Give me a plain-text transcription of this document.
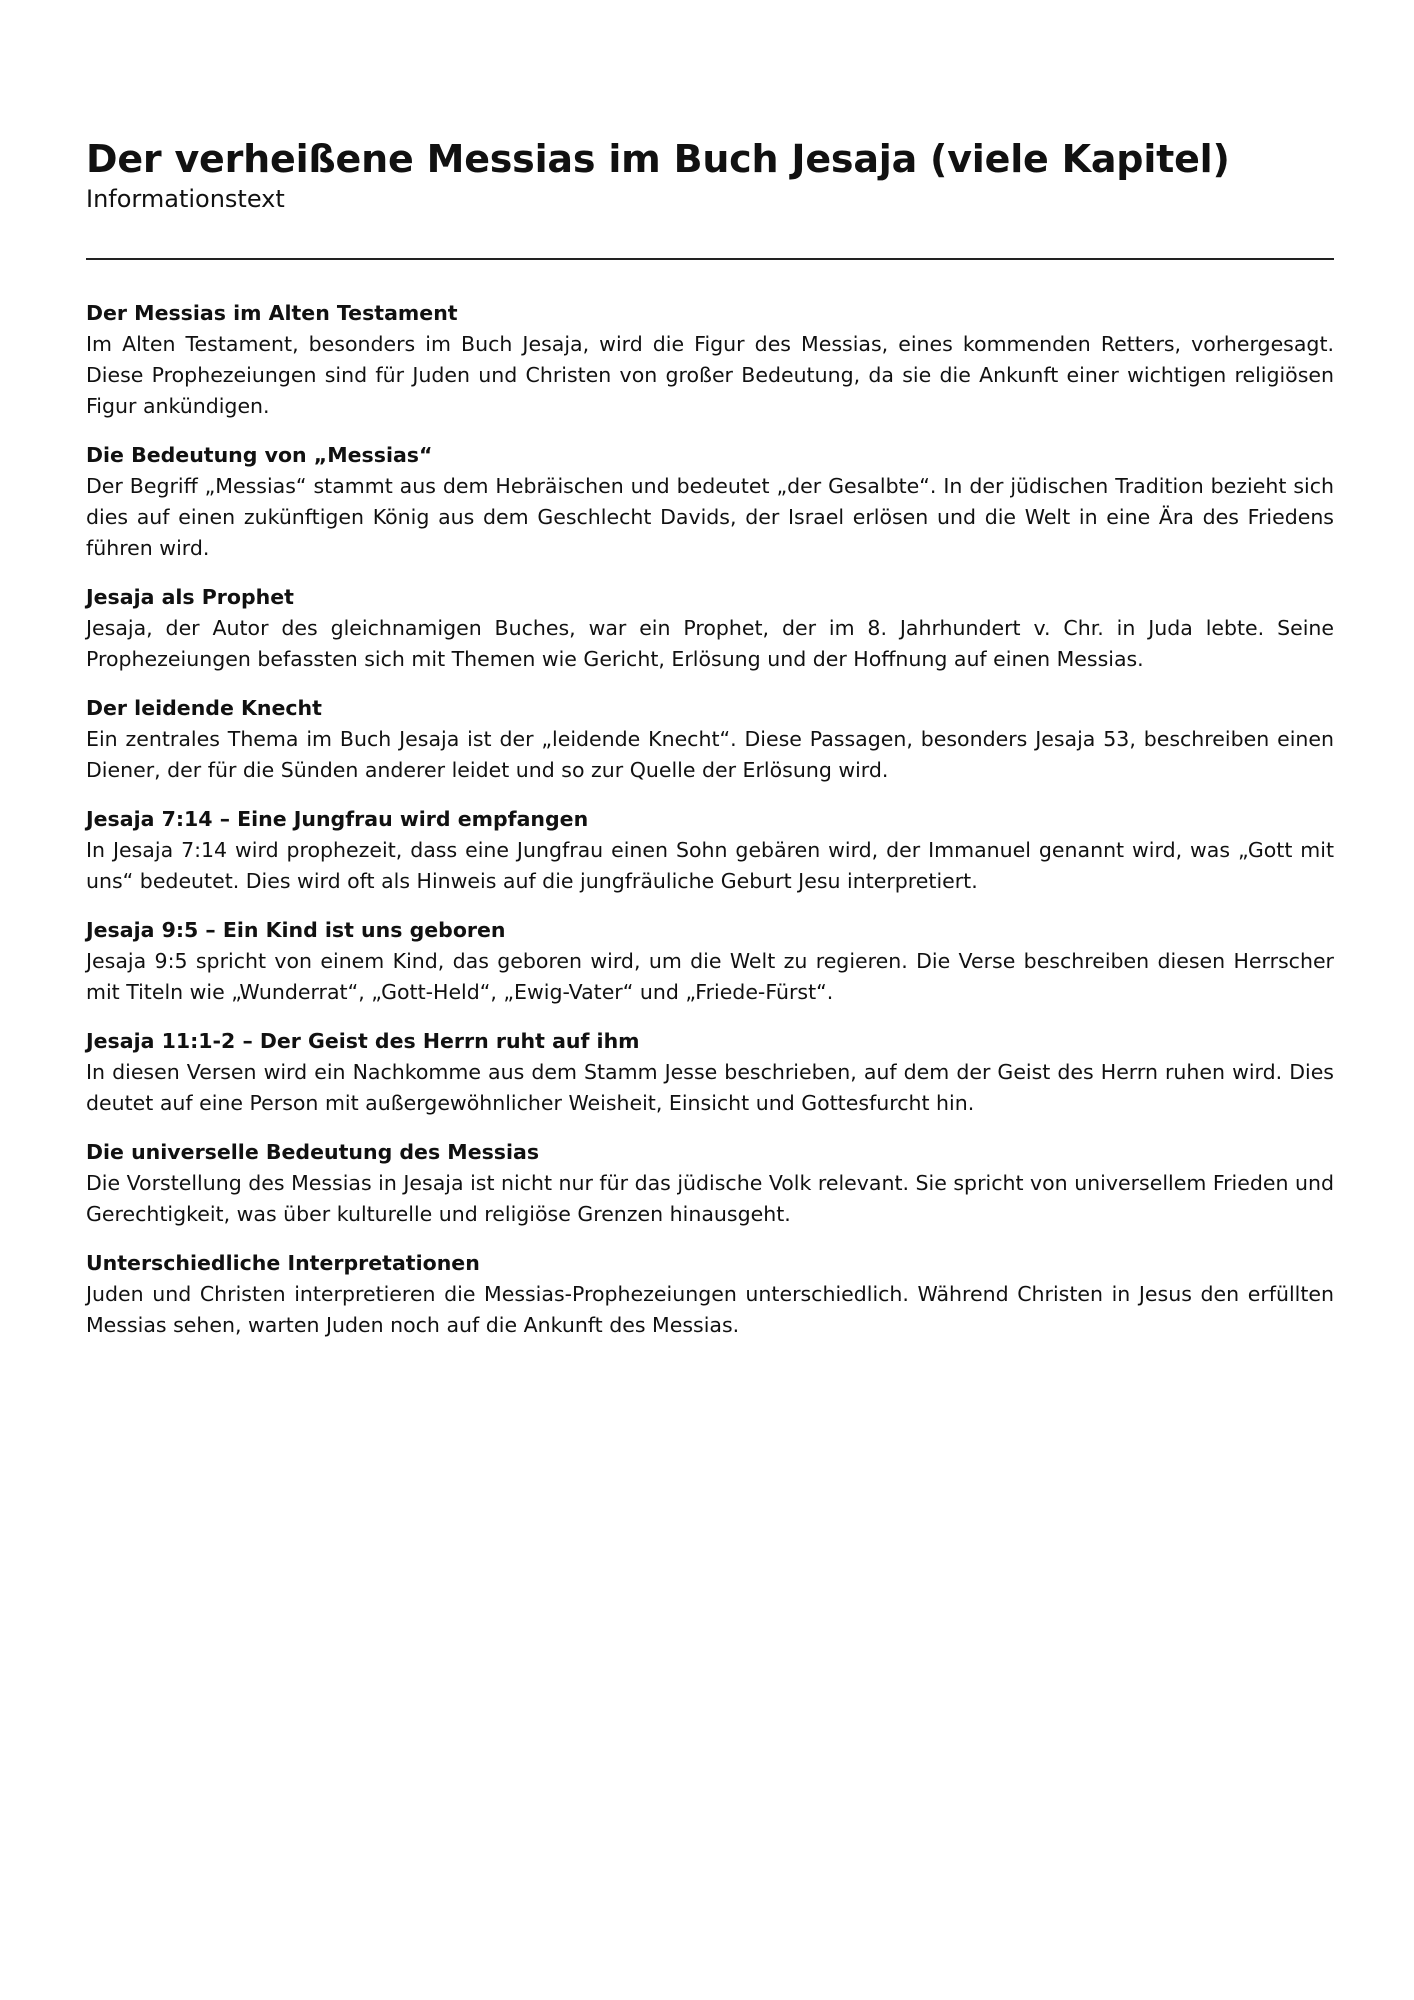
Der verheißene Messias im Buch Jesaja (viele Kapitel)
Informationstext

Der Messias im Alten Testament

Im Alten Testament, besonders im Buch Jesaja, wird die Figur des Messias, eines kommenden Retters, vorhergesagt. Diese Prophezeiungen sind für Juden und Christen von großer Bedeutung, da sie die Ankunft einer wichtigen religiösen Figur ankündigen.

Die Bedeutung von „Messias“

Der Begriff „Messias“ stammt aus dem Hebräischen und bedeutet „der Gesalbte“. In der jüdischen Tradition bezieht sich dies auf einen zukünftigen König aus dem Geschlecht Davids, der Israel erlösen und die Welt in eine Ära des Friedens führen wird.

Jesaja als Prophet

Jesaja, der Autor des gleichnamigen Buches, war ein Prophet, der im 8. Jahrhundert v. Chr. in Juda lebte. Seine Prophezeiungen befassten sich mit Themen wie Gericht, Erlösung und der Hoffnung auf einen Messias.

Der leidende Knecht

Ein zentrales Thema im Buch Jesaja ist der „leidende Knecht“. Diese Passagen, besonders Jesaja 53, beschreiben einen Diener, der für die Sünden anderer leidet und so zur Quelle der Erlösung wird.

Jesaja 7:14 – Eine Jungfrau wird empfangen

In Jesaja 7:14 wird prophezeit, dass eine Jungfrau einen Sohn gebären wird, der Immanuel genannt wird, was „Gott mit uns“ bedeutet. Dies wird oft als Hinweis auf die jungfräuliche Geburt Jesu interpretiert.

Jesaja 9:5 – Ein Kind ist uns geboren

Jesaja 9:5 spricht von einem Kind, das geboren wird, um die Welt zu regieren. Die Verse beschreiben diesen Herrscher mit Titeln wie „Wunderrat“, „Gott-Held“, „Ewig-Vater“ und „Friede-Fürst“.

Jesaja 11:1-2 – Der Geist des Herrn ruht auf ihm

In diesen Versen wird ein Nachkomme aus dem Stamm Jesse beschrieben, auf dem der Geist des Herrn ruhen wird. Dies deutet auf eine Person mit außergewöhnlicher Weisheit, Einsicht und Gottesfurcht hin.

Die universelle Bedeutung des Messias

Die Vorstellung des Messias in Jesaja ist nicht nur für das jüdische Volk relevant. Sie spricht von universellem Frieden und Gerechtigkeit, was über kulturelle und religiöse Grenzen hinausgeht.

Unterschiedliche Interpretationen

Juden und Christen interpretieren die Messias-Prophezeiungen unterschiedlich. Während Christen in Jesus den erfüllten Messias sehen, warten Juden noch auf die Ankunft des Messias.
